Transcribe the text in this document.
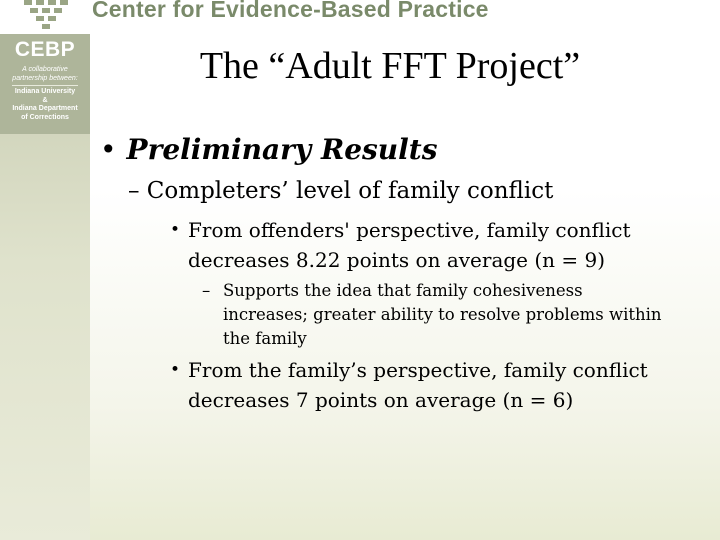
Center for Evidence-Based Practice
CEBP
A collaborative
partnership between:
Indiana University
&
Indiana Department
of Corrections
The “Adult FFT Project”
• Preliminary Results
– Completers’ level of family conflict
• From offenders' perspective, family conflict decreases 8.22 points on average (n = 9)
– Supports the idea that family cohesiveness increases; greater ability to resolve problems within the family
• From the family’s perspective, family conflict decreases 7 points on average (n = 6)
